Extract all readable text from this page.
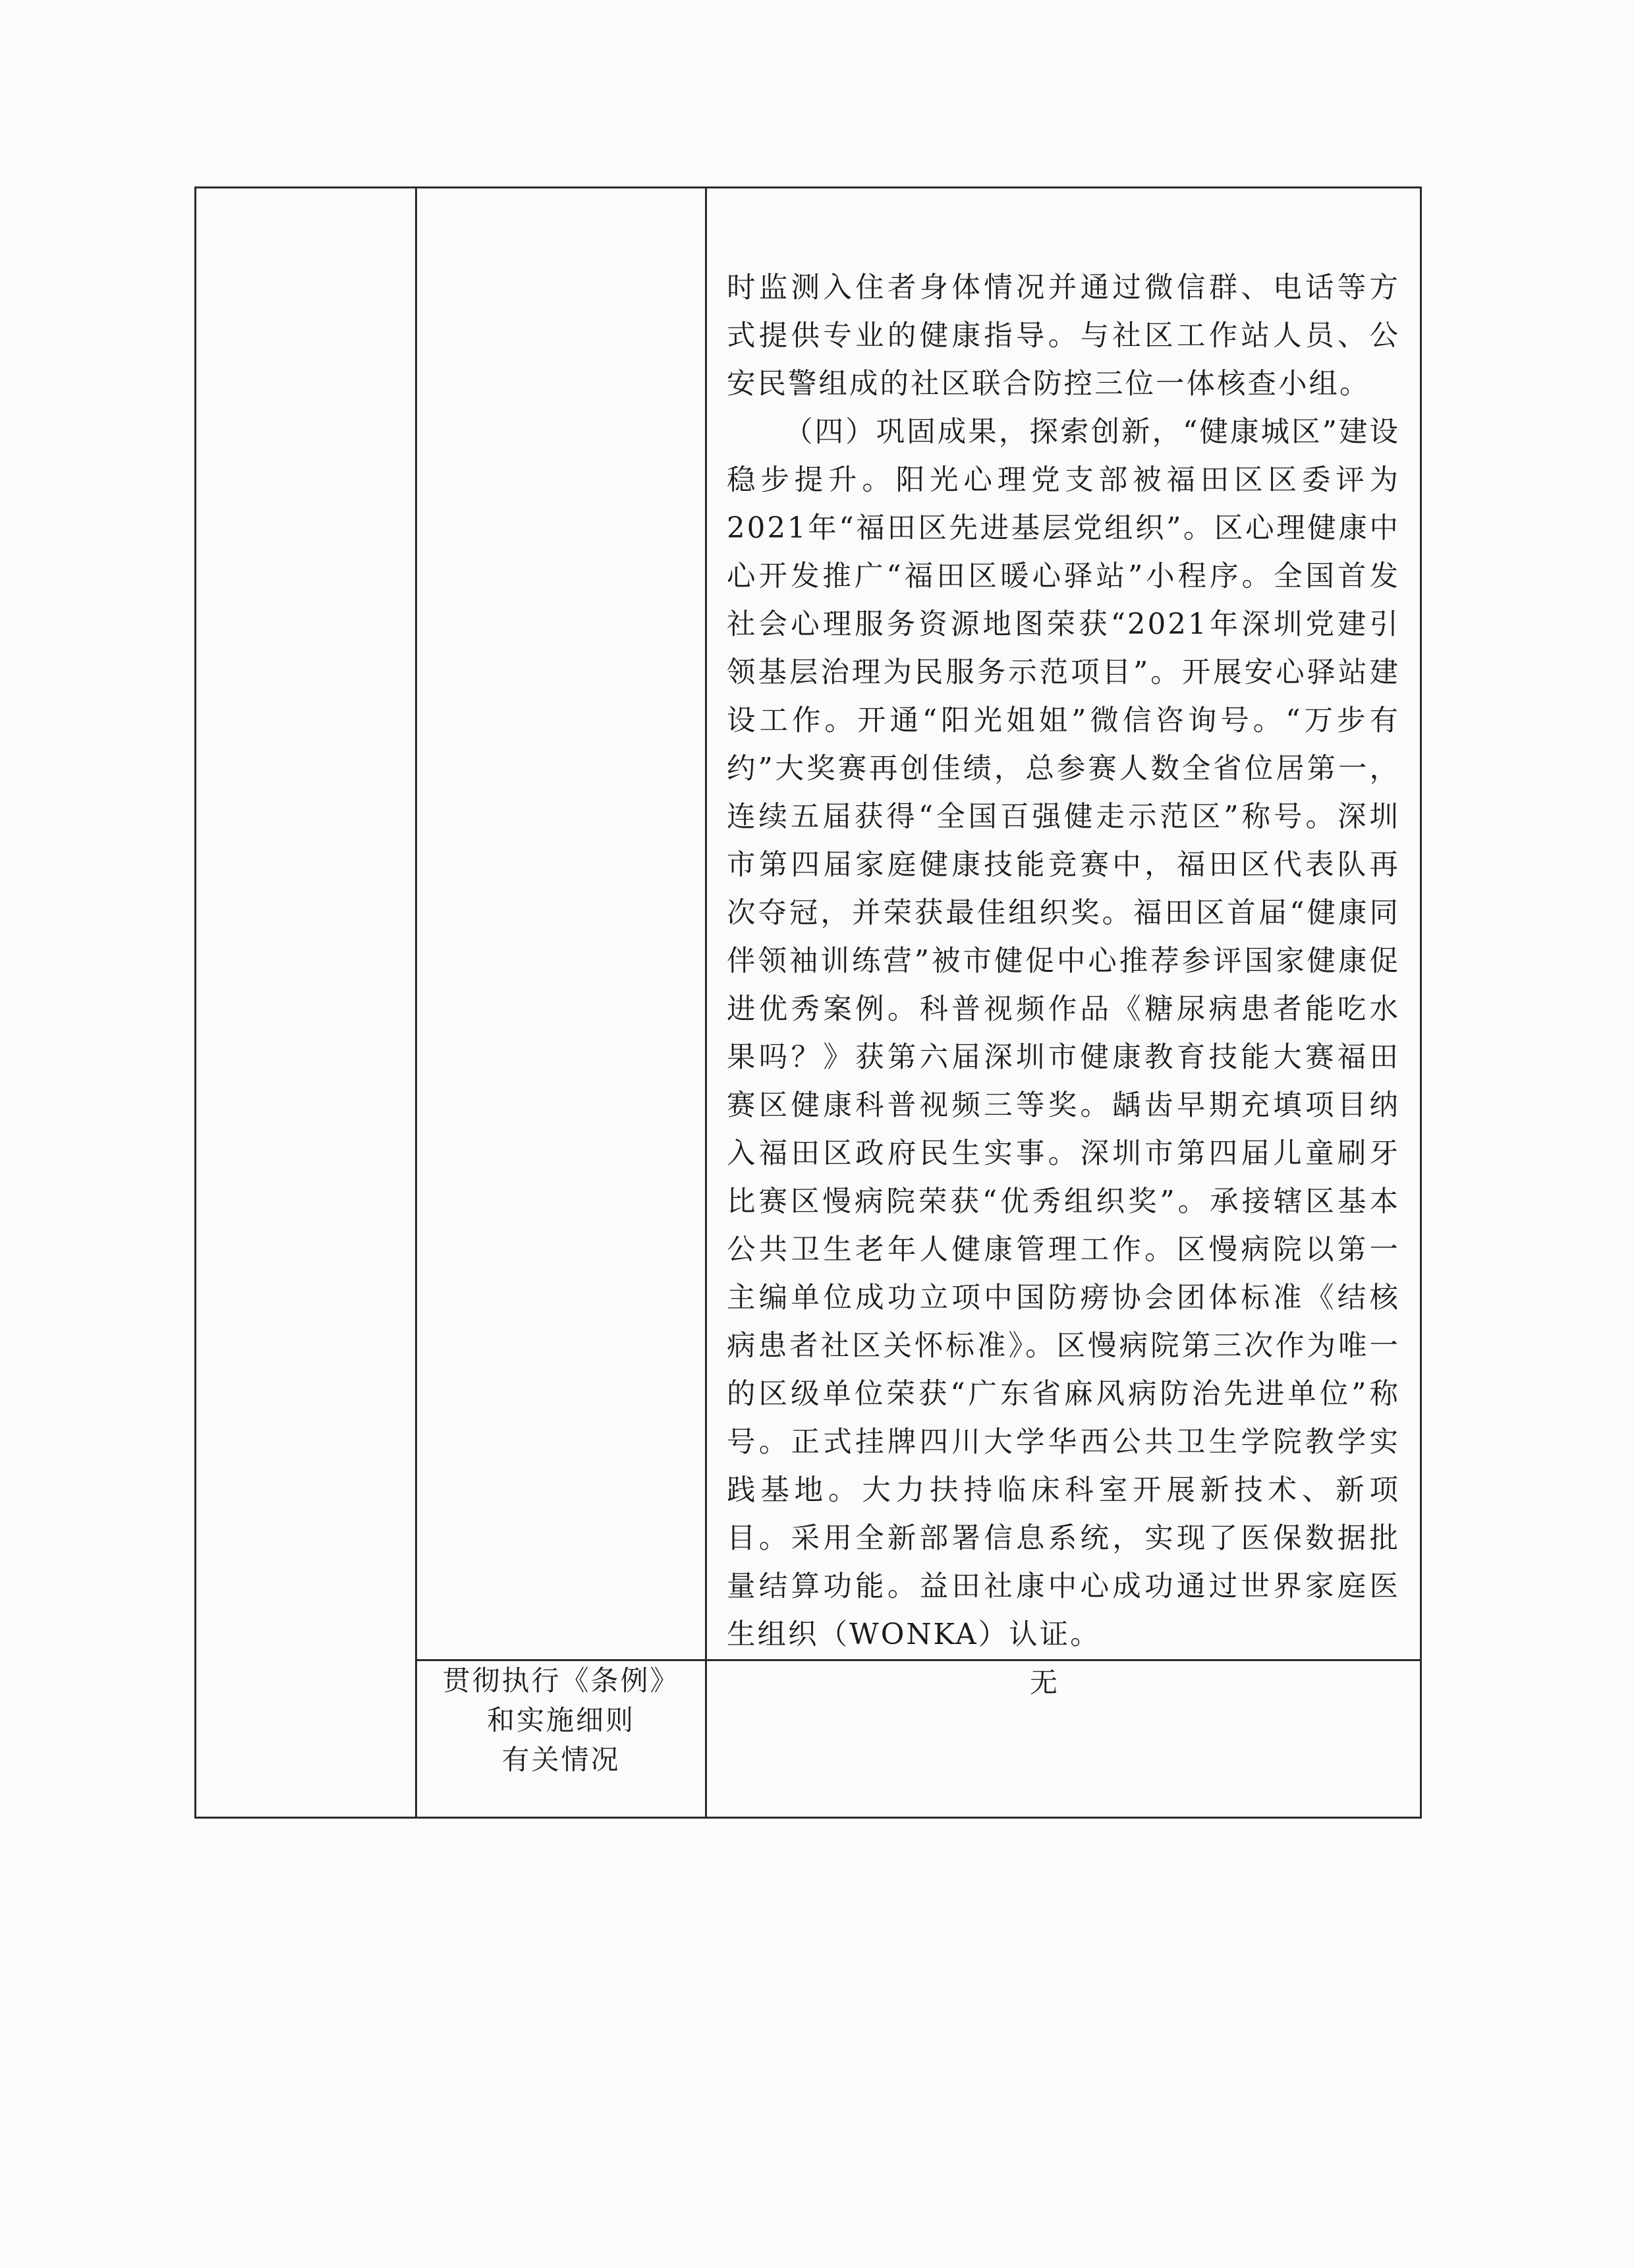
		时监测入住者身体情况并通过微信群、电话等方式提供专业的健康指导。与社区工作站人员、公安民警组成的社区联合防控三位一体核查小组。

（四）巩固成果，探索创新，“健康城区”建设稳步提升。阳光心理党支部被福田区区委评为2021年“福田区先进基层党组织”。区心理健康中心开发推广“福田区暖心驿站”小程序。全国首发社会心理服务资源地图荣获“2021年深圳党建引领基层治理为民服务示范项目”。开展安心驿站建设工作。开通“阳光姐姐”微信咨询号。“万步有约”大奖赛再创佳绩，总参赛人数全省位居第一，连续五届获得“全国百强健走示范区”称号。深圳市第四届家庭健康技能竞赛中，福田区代表队再次夺冠，并荣获最佳组织奖。福田区首届“健康同伴领袖训练营”被市健促中心推荐参评国家健康促进优秀案例。科普视频作品《糖尿病患者能吃水果吗？》获第六届深圳市健康教育技能大赛福田赛区健康科普视频三等奖。龋齿早期充填项目纳入福田区政府民生实事。深圳市第四届儿童刷牙比赛区慢病院荣获“优秀组织奖”。承接辖区基本公共卫生老年人健康管理工作。区慢病院以第一主编单位成功立项中国防痨协会团体标准《结核病患者社区关怀标准》。区慢病院第三次作为唯一的区级单位荣获“广东省麻风病防治先进单位”称号。正式挂牌四川大学华西公共卫生学院教学实践基地。大力扶持临床科室开展新技术、新项目。采用全新部署信息系统，实现了医保数据批量结算功能。益田社康中心成功通过世界家庭医生组织（WONKA）认证。

	贯彻执行《条例》
和实施细则
有关情况	无
